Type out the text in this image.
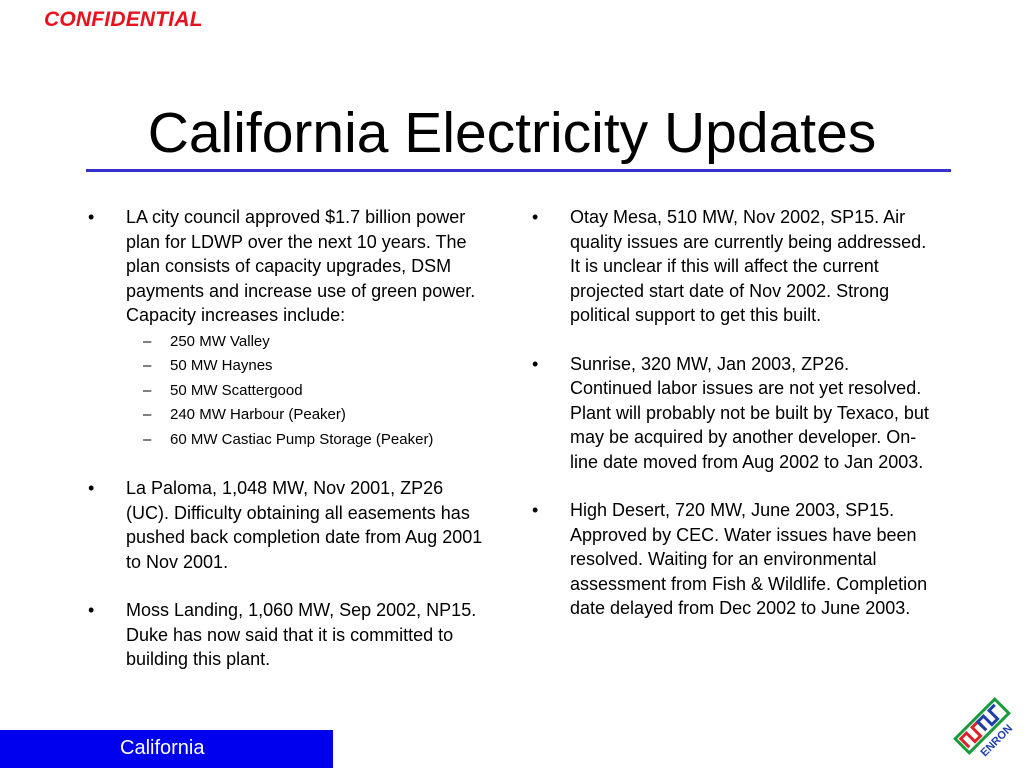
CONFIDENTIAL
California Electricity Updates
• LA city council approved $1.7 billion power plan for LDWP over the next 10 years. The plan consists of capacity upgrades, DSM payments and increase use of green power. Capacity increases include:
– 250 MW Valley
– 50 MW Haynes
– 50 MW Scattergood
– 240 MW Harbour (Peaker)
– 60 MW Castiac Pump Storage (Peaker)
• La Paloma, 1,048 MW, Nov 2001, ZP26 (UC). Difficulty obtaining all easements has pushed back completion date from Aug 2001 to Nov 2001.
• Moss Landing, 1,060 MW, Sep 2002, NP15. Duke has now said that it is committed to building this plant.
• Otay Mesa, 510 MW, Nov 2002, SP15. Air quality issues are currently being addressed. It is unclear if this will affect the current projected start date of Nov 2002. Strong political support to get this built.
• Sunrise, 320 MW, Jan 2003, ZP26. Continued labor issues are not yet resolved. Plant will probably not be built by Texaco, but may be acquired by another developer. On-line date moved from Aug 2002 to Jan 2003.
• High Desert, 720 MW, June 2003, SP15. Approved by CEC. Water issues have been resolved. Waiting for an environmental assessment from Fish & Wildlife. Completion date delayed from Dec 2002 to June 2003.
California	ENRON
